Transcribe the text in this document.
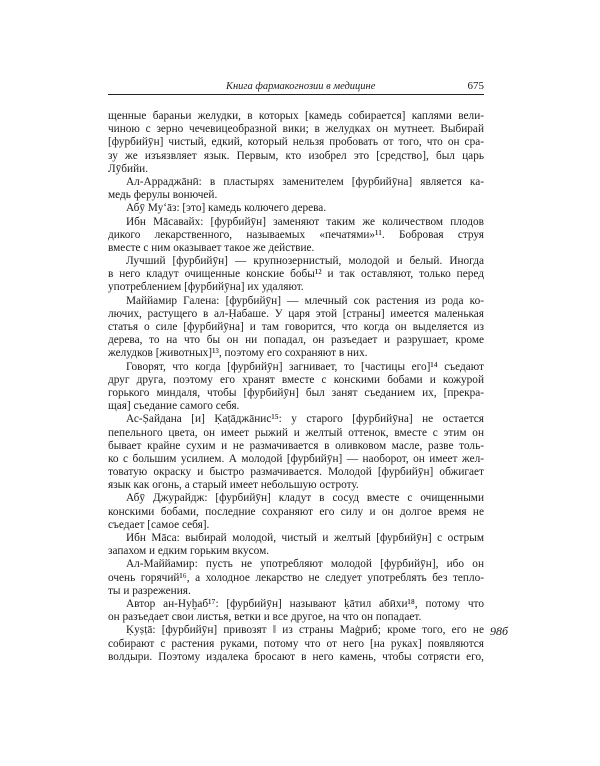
Книга фармакогнозии в медицине	675
щенные бараньи желудки, в которых [камедь собирается] каплями вели-
чиною с зерно чечевицеобразной вики; в желудках он мутнеет. Выбирай
[фурбийӯн] чистый, едкий, который нельзя пробовать от того, что он сра-
зу же изъязвляет язык. Первым, кто изобрел это [средство], был царь
Лӯбийи.
Ал-Арраджāнӣ: в пластырях заменителем [фурбийӯна] является ка-
медь ферулы вонючей.
Абӯ Му‘āз: [это] камедь колючего дерева.
Ибн Мāсавайх: [фурбийӯн] заменяют таким же количеством плодов
дикого лекарственного, называемых «печатями»¹¹. Бобровая струя
вместе с ним оказывает такое же действие.
Лучший [фурбийӯн] — крупнозернистый, молодой и белый. Иногда
в него кладут очищенные конские бобы¹² и так оставляют, только перед
употреблением [фурбийӯна] их удаляют.
Маййамир Галена: [фурбийӯн] — млечный сок растения из рода ко-
лючих, растущего в ал-Ḥабаше. У царя этой [страны] имеется маленькая
статья о силе [фурбийӯна] и там говорится, что когда он выделяется из
дерева, то на что бы он ни попадал, он разъедает и разрушает, кроме
желудков [животных]¹³, поэтому его сохраняют в них.
Говорят, что когда [фурбийӯн] загнивает, то [частицы его]¹⁴ съедают
друг друга, поэтому его хранят вместе с конскими бобами и кожурой
горького миндаля, чтобы [фурбийӯн] был занят съеданием их, [прекра-
щая] съедание самого себя.
Ас-Ṣайдана [и] Ḳаṭāджāнис¹⁵: у старого [фурбийӯна] не остается
пепельного цвета, он имеет рыжий и желтый оттенок, вместе с этим он
бывает крайне сухим и не размачивается в оливковом масле, разве толь-
ко с большим усилием. А молодой [фурбийӯн] — наоборот, он имеет жел-
товатую окраску и быстро размачивается. Молодой [фурбийӯн] обжигает
язык как огонь, а старый имеет небольшую остроту.
Абӯ Джурайдж: [фурбийӯн] кладут в сосуд вместе с очищенными
конскими бобами, последние сохраняют его силу и он долгое время не
съедает [самое себя].
Ибн Мāса: выбирай молодой, чистый и желтый [фурбийӯн] с острым
запахом и едким горьким вкусом.
Ал-Маййамир: пусть не употребляют молодой [фурбийӯн], ибо он
очень горячий¹⁶, а холодное лекарство не следует употреблять без тепло-
ты и разрежения.
Автор ан-Нуḫаб¹⁷: [фурбийӯн] называют ḳāтил абӣхи¹⁸, потому что
он разъедает свои листья, ветки и все другое, на что он попадает.
Ḳуṣṭā: [фурбийӯн] привозят ‖ из страны Маġриб; кроме того, его не
собирают с растения руками, потому что от него [на руках] появляются
волдыри. Поэтому издалека бросают в него камень, чтобы сотрясти его,
98б
